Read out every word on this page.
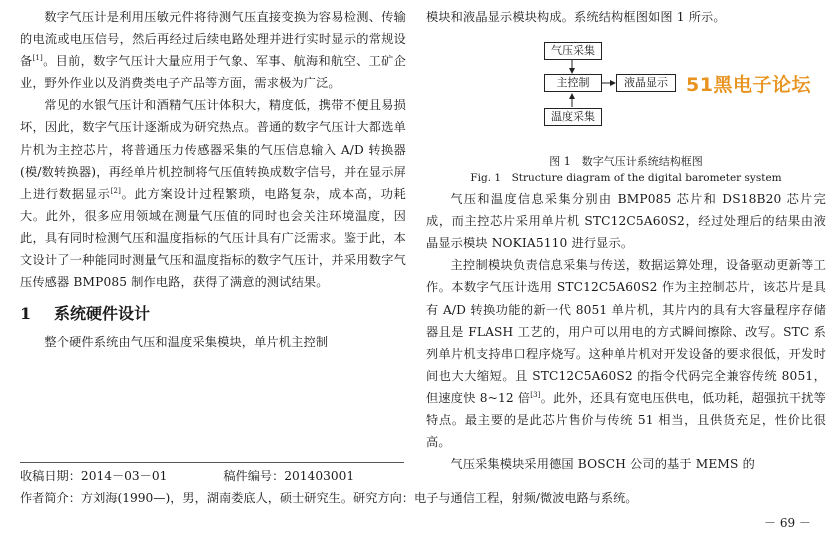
数字气压计是利用压敏元件将待测气压直接变换为容易检测、传输的电流或电压信号，然后再经过后续电路处理并进行实时显示的常规设备[1]。目前，数字气压计大量应用于气象、军事、航海和航空、工矿企业，野外作业以及消费类电子产品等方面，需求极为广泛。

常见的水银气压计和酒精气压计体积大，精度低，携带不便且易损坏，因此，数字气压计逐渐成为研究热点。普通的数字气压计大都选单片机为主控芯片，将普通压力传感器采集的气压信息输入 A/D 转换器(模/数转换器)，再经单片机控制将气压值转换成数字信号，并在显示屏上进行数据显示[2]。此方案设计过程繁琐，电路复杂，成本高，功耗大。此外，很多应用领域在测量气压值的同时也会关注环境温度，因此，具有同时检测气压和温度指标的气压计具有广泛需求。鉴于此，本文设计了一种能同时测量气压和温度指标的数字气压计，并采用数字气压传感器 BMP085 制作电路，获得了满意的测试结果。

1 系统硬件设计

整个硬件系统由气压和温度采集模块，单片机主控制

模块和液晶显示模块构成。系统结构框图如图 1 所示。

气压采集
主控制
温度采集
液晶显示 51黑电子论坛

图 1　数字气压计系统结构框图

Fig. 1　Structure diagram of the digital barometer system

气压和温度信息采集分别由 BMP085 芯片和 DS18B20 芯片完成，而主控芯片采用单片机 STC12C5A60S2，经过处理后的结果由液晶显示模块 NOKIA5110 进行显示。

主控制模块负责信息采集与传送，数据运算处理，设备驱动更新等工作。本数字气压计选用 STC12C5A60S2 作为主控制芯片，该芯片是具有 A/D 转换功能的新一代 8051 单片机，其片内的具有大容量程序存储器且是 FLASH 工艺的，用户可以用电的方式瞬间擦除、改写。STC 系列单片机支持串口程序烧写。这种单片机对开发设备的要求很低，开发时间也大大缩短。且 STC12C5A60S2 的指令代码完全兼容传统 8051，但速度快 8~12 倍[3]。此外，还具有宽电压供电，低功耗，超强抗干扰等特点。最主要的是此芯片售价与传统 51 相当，且供货充足，性价比很高。

气压采集模块采用德国 BOSCH 公司的基于 MEMS 的

收稿日期：2014－03－01	稿件编号：201403001
作者简介：方刘海(1990—)，男，湖南娄底人，硕士研究生。研究方向：电子与通信工程，射频/微波电路与系统。
－ 69 －
